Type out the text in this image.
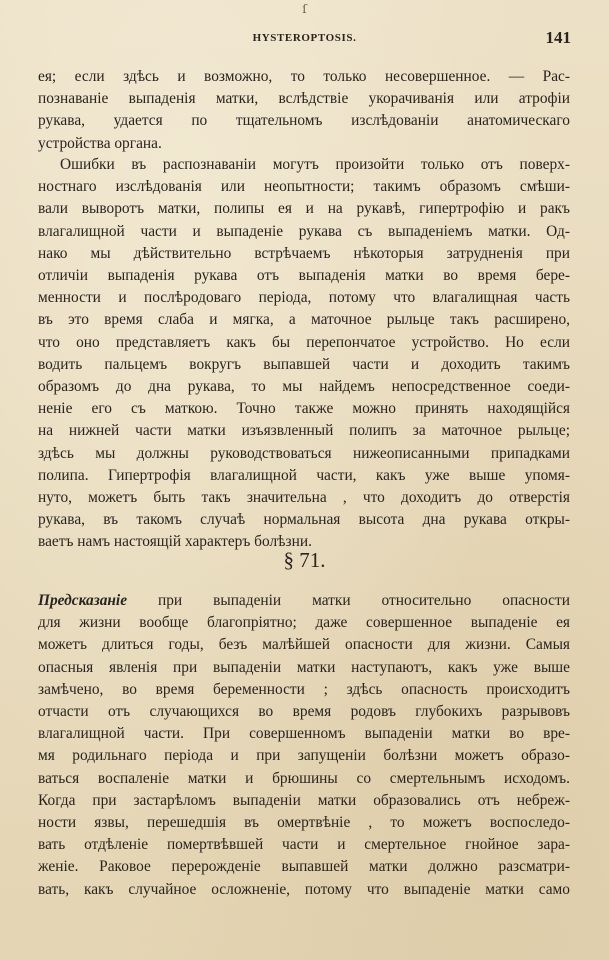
ſ
HYSTEROPTOSIS.	141

ея; если здѣсь и возможно, то только несовершенное. — Рас-
познаванiе выпаденiя матки, вслѣдствiе укорачиванiя или атрофiи
рукава, удается по тщательномъ изслѣдованiи анатомическаго
устройства органа.

Ошибки въ распознаванiи могутъ произойти только отъ поверх-
ностнаго изслѣдованiя или неопытности; такимъ образомъ смѣши-
вали выворотъ матки, полипы ея и на рукавѣ, гипертрофiю и ракъ
влагалищной части и выпаденiе рукава съ выпаденiемъ матки. Од-
нако мы дѣйствительно встрѣчаемъ нѣкоторыя затрудненiя при
отличiи выпаденiя рукава отъ выпаденiя матки во время бере-
менности и послѣродоваго перiода, потому что влагалищная часть
въ это время слаба и мягка, а маточное рыльце такъ расширено,
что оно представляетъ какъ бы перепончатое устройство. Но если
водить пальцемъ вокругъ выпавшей части и доходить такимъ
образомъ до дна рукава, то мы найдемъ непосредственное соеди-
ненiе его съ маткою. Точно также можно принять находящiйся
на нижней части матки изъязвленный полипъ за маточное рыльце;
здѣсь мы должны руководствоваться нижеописанными припадками
полипа. Гипертрофiя влагалищной части, какъ уже выше упомя-
нуто, можетъ быть такъ значительна , что доходитъ до отверстiя
рукава, въ такомъ случаѣ нормальная высота дна рукава откры-
ваетъ намъ настоящiй характеръ болѣзни.

§ 71.

Предсказанiе при выпаденiи матки относительно опасности
для жизни вообще благопрiятно; даже совершенное выпаденiе ея
можетъ длиться годы, безъ малѣйшей опасности для жизни. Самыя
опасныя явленiя при выпаденiи матки наступаютъ, какъ уже выше
замѣчено, во время беременности ; здѣсь опасность происходитъ
отчасти отъ случающихся во время родовъ глубокихъ разрывовъ
влагалищной части. При совершенномъ выпаденiи матки во вре-
мя родильнаго перiода и при запущенiи болѣзни можетъ образо-
ваться воспаленiе матки и брюшины со смертельнымъ исходомъ.
Когда при застарѣломъ выпаденiи матки образовались отъ небреж-
ности язвы, перешедшiя въ омертвѣнiе , то можетъ воспоследо-
вать отдѣленiе помертвѣвшей части и смертельное гнойное зара-
женiе. Раковое перерожденiе выпавшей матки должно разсматри-
вать, какъ случайное осложненiе, потому что выпаденiе матки само
